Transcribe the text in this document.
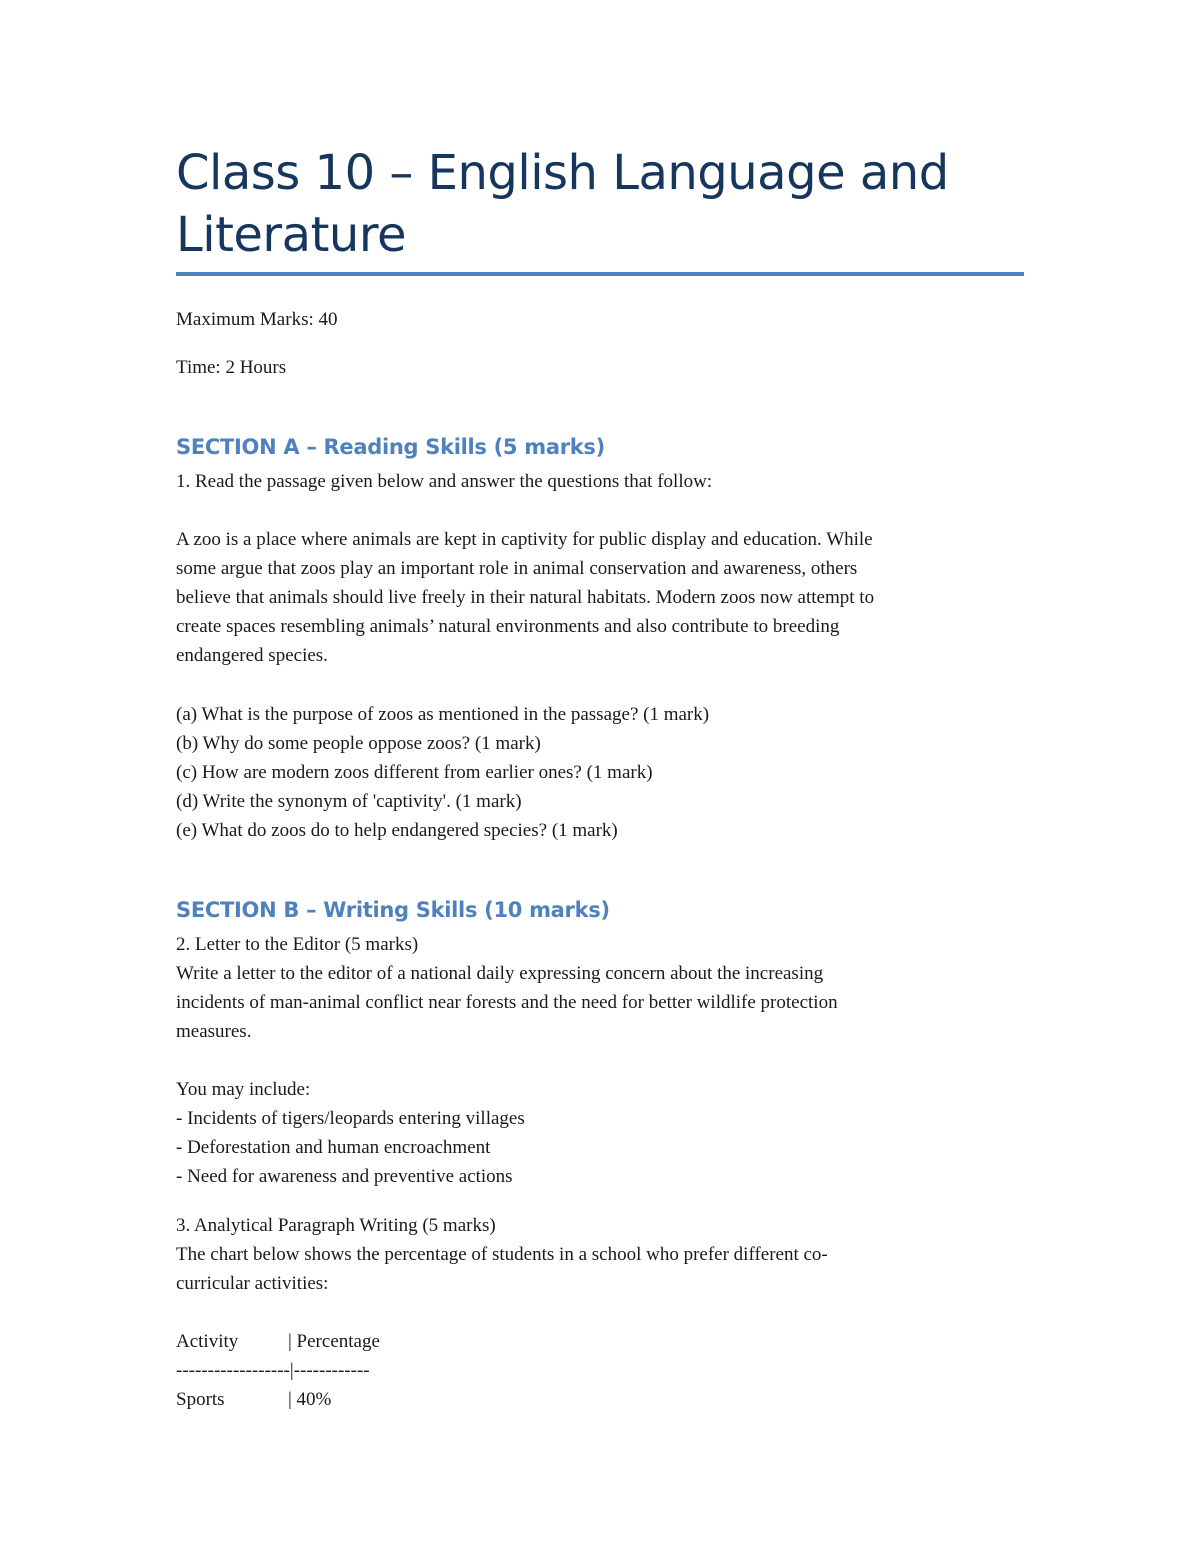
Class 10 – English Language and Literature

Maximum Marks: 40

Time: 2 Hours

SECTION A – Reading Skills (5 marks)

1. Read the passage given below and answer the questions that follow:

A zoo is a place where animals are kept in captivity for public display and education. While

some argue that zoos play an important role in animal conservation and awareness, others

believe that animals should live freely in their natural habitats. Modern zoos now attempt to

create spaces resembling animals’ natural environments and also contribute to breeding

endangered species.

(a) What is the purpose of zoos as mentioned in the passage? (1 mark)

(b) Why do some people oppose zoos? (1 mark)

(c) How are modern zoos different from earlier ones? (1 mark)

(d) Write the synonym of 'captivity'. (1 mark)

(e) What do zoos do to help endangered species? (1 mark)

SECTION B – Writing Skills (10 marks)

2. Letter to the Editor (5 marks)

Write a letter to the editor of a national daily expressing concern about the increasing

incidents of man-animal conflict near forests and the need for better wildlife protection

measures.

You may include:

- Incidents of tigers/leopards entering villages

- Deforestation and human encroachment

- Need for awareness and preventive actions

3. Analytical Paragraph Writing (5 marks)

The chart below shows the percentage of students in a school who prefer different co-

curricular activities:

Activity	| Percentage

------------------|------------

Sports	| 40%
